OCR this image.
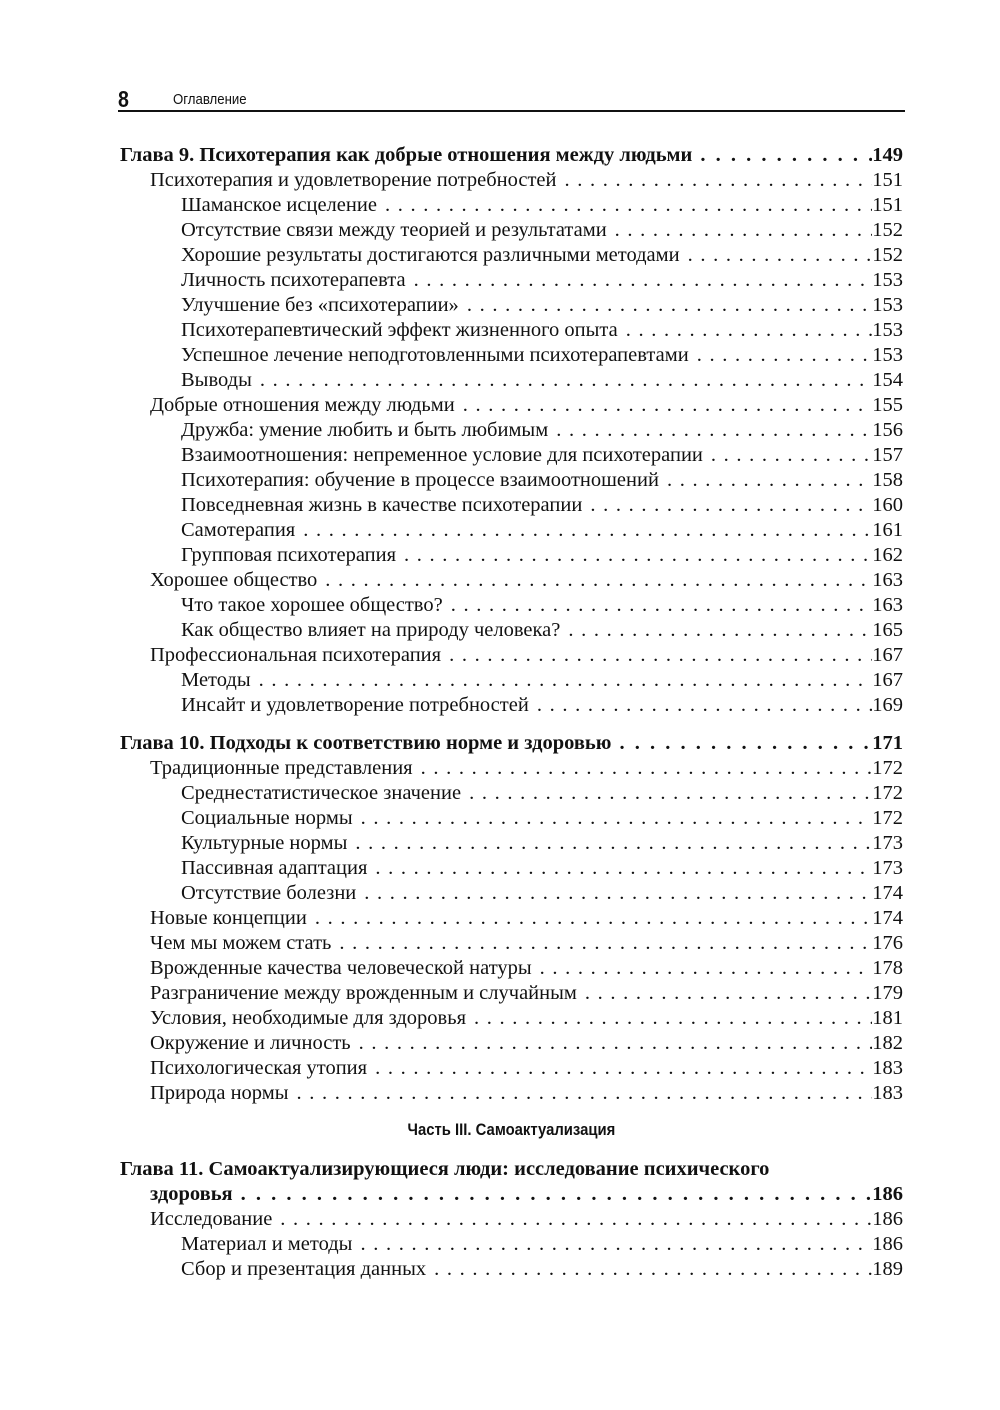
8	Оглавление
Глава 9. Психотерапия как добрые отношения между людьми . . .	149
Психотерапия и удовлетворение потребностей . . .	151
Шаманское исцеление . . .	151
Отсутствие связи между теорией и результатами . . .	152
Хорошие результаты достигаются различными методами . . .	152
Личность психотерапевта . . .	153
Улучшение без «психотерапии» . . .	153
Психотерапевтический эффект жизненного опыта . . .	153
Успешное лечение неподготовленными психотерапевтами . . .	153
Выводы . . .	154
Добрые отношения между людьми . . .	155
Дружба: умение любить и быть любимым . . .	156
Взаимоотношения: непременное условие для психотерапии . . .	157
Психотерапия: обучение в процессе взаимоотношений . . .	158
Повседневная жизнь в качестве психотерапии . . .	160
Самотерапия . . .	161
Групповая психотерапия . . .	162
Хорошее общество . . .	163
Что такое хорошее общество? . . .	163
Как общество влияет на природу человека? . . .	165
Профессиональная психотерапия . . .	167
Методы . . .	167
Инсайт и удовлетворение потребностей . . .	169
Глава 10. Подходы к соответствию норме и здоровью . . .	171
Традиционные представления . . .	172
Среднестатистическое значение . . .	172
Социальные нормы . . .	172
Культурные нормы . . .	173
Пассивная адаптация . . .	173
Отсутствие болезни . . .	174
Новые концепции . . .	174
Чем мы можем стать . . .	176
Врожденные качества человеческой натуры . . .	178
Разграничение между врожденным и случайным . . .	179
Условия, необходимые для здоровья . . .	181
Окружение и личность . . .	182
Психологическая утопия . . .	183
Природа нормы . . .	183
Часть III. Самоактуализация
Глава 11. Самоактуализирующиеся люди: исследование психического
здоровья . . .	186
Исследование . . .	186
Материал и методы . . .	186
Сбор и презентация данных . . .	189
